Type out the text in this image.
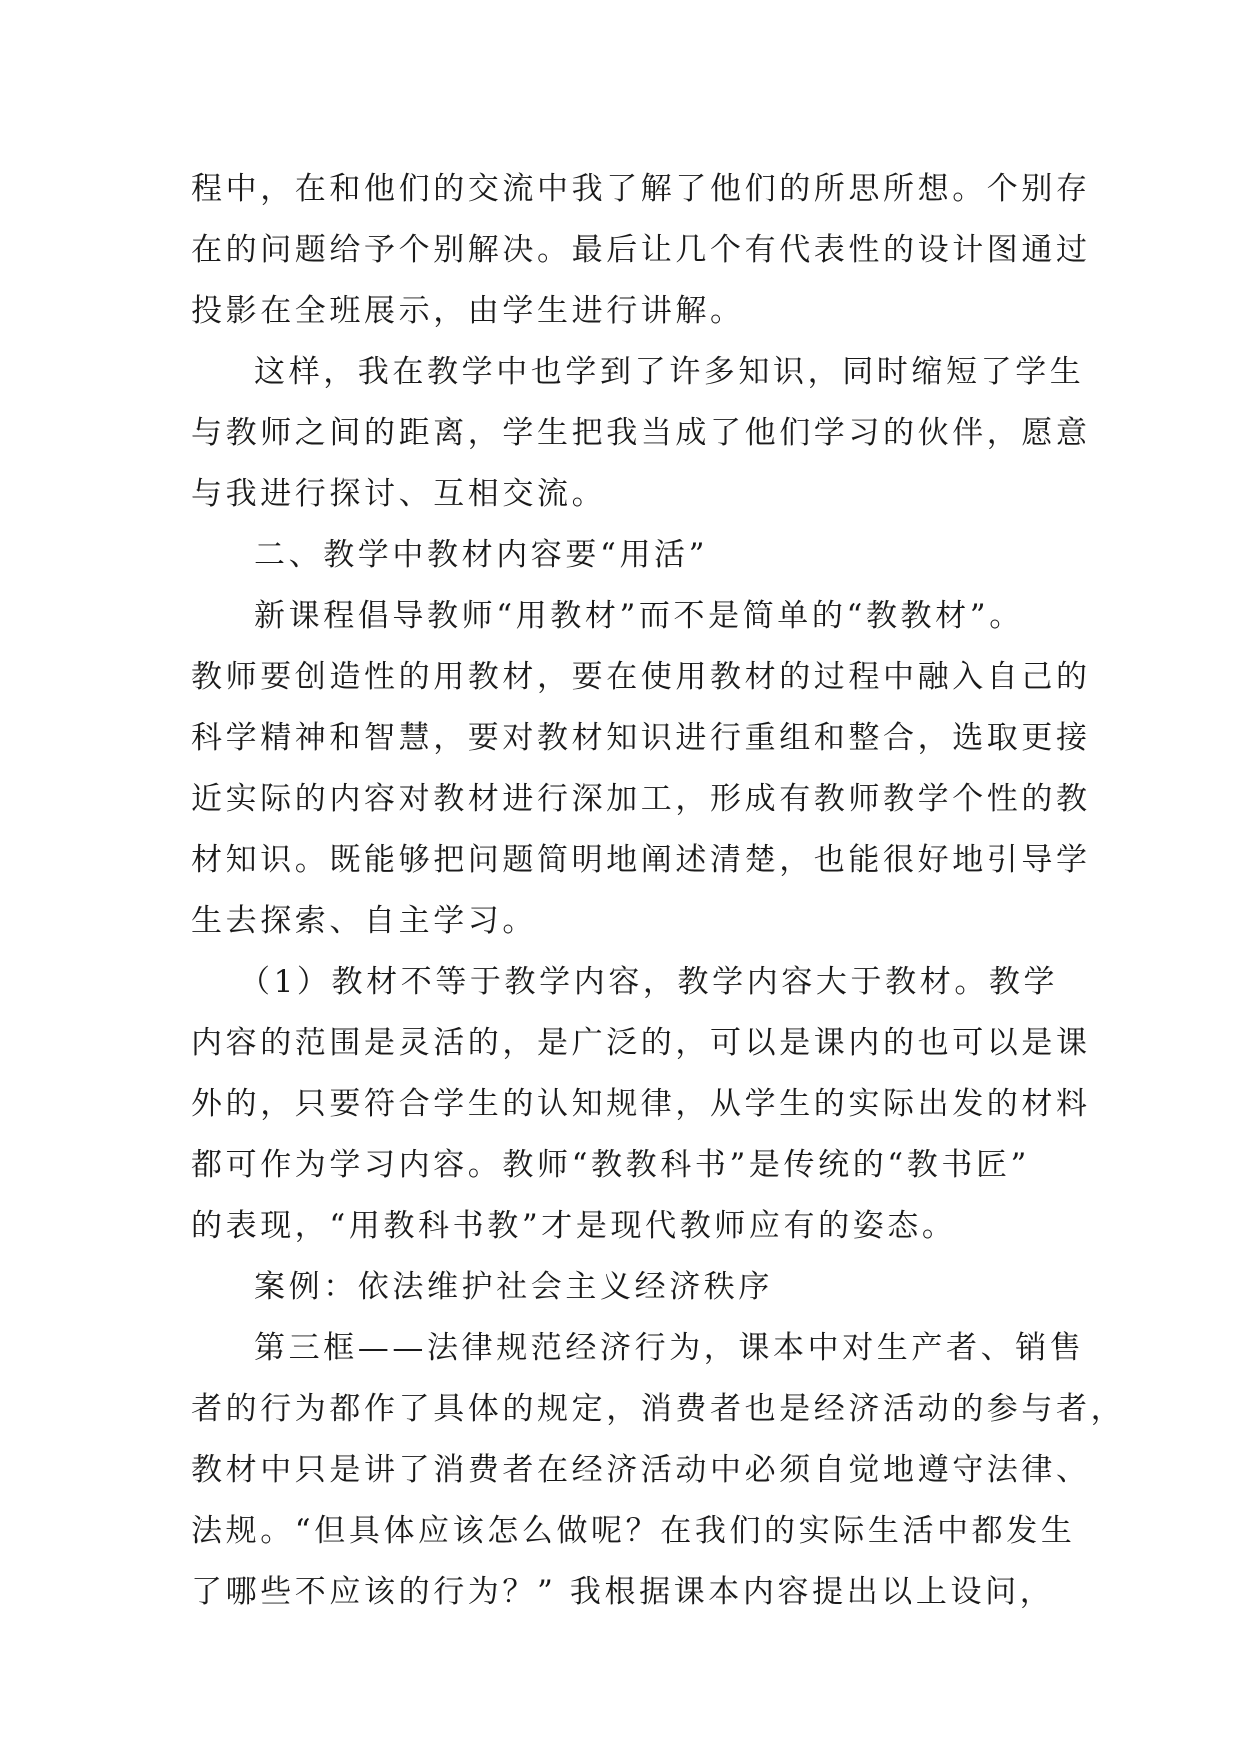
程中，在和他们的交流中我了解了他们的所思所想。个别存
在的问题给予个别解决。最后让几个有代表性的设计图通过
投影在全班展示，由学生进行讲解。
这样，我在教学中也学到了许多知识，同时缩短了学生
与教师之间的距离，学生把我当成了他们学习的伙伴，愿意
与我进行探讨、互相交流。
二、教学中教材内容要“用活”
新课程倡导教师“用教材”而不是简单的“教教材”。
教师要创造性的用教材，要在使用教材的过程中融入自己的
科学精神和智慧，要对教材知识进行重组和整合，选取更接
近实际的内容对教材进行深加工，形成有教师教学个性的教
材知识。既能够把问题简明地阐述清楚，也能很好地引导学
生去探索、自主学习。
（1）教材不等于教学内容，教学内容大于教材。教学
内容的范围是灵活的，是广泛的，可以是课内的也可以是课
外的，只要符合学生的认知规律，从学生的实际出发的材料
都可作为学习内容。教师“教教科书”是传统的“教书匠”
的表现，“用教科书教”才是现代教师应有的姿态。
案例：依法维护社会主义经济秩序
第三框——法律规范经济行为，课本中对生产者、销售
者的行为都作了具体的规定，消费者也是经济活动的参与者，
教材中只是讲了消费者在经济活动中必须自觉地遵守法律、
法规。“但具体应该怎么做呢？在我们的实际生活中都发生
了哪些不应该的行为？” 我根据课本内容提出以上设问，
